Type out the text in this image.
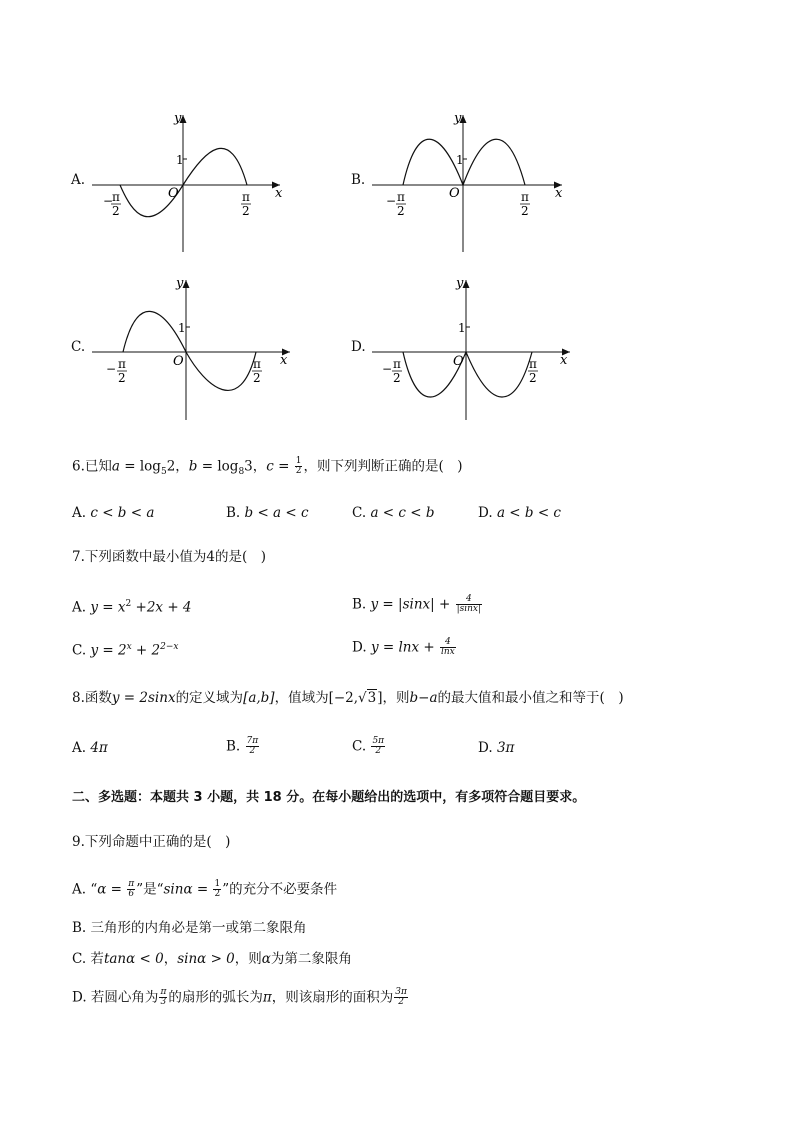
A.
y
x
O
1
−
π
2
π
2
B.
y
x
O
1
− π
2
π
2
C.
y
x
O
1
− π
2
π
2
D.
y
x
O
1
− π
2
π
2
6.已知$a = \log_52$，$b = \log_83$，$c = \frac{1}{2}$ ，则下列判断正确的是(　)
A. c < b < a	B. b < a < c	C. a < c < b	D. a < b < c
7.下列函数中最小值为4的是(　)
A. $y = x^2 +2x + 4$	B. $y = |\sin x| + \frac{4}{|\sin x|}$
C. $y = 2^x + 2^{2-x}$	D. $y = \ln x + \frac{4}{\ln x}$
8.函数y = 2sinx的定义域为[a,b]，值域为[−2,√3]，则b−a的最大值和最小值之和等于(　)
A. 4π	B. $\frac{7\pi}{2}$	C. $\frac{5\pi}{2}$	D. 3π
二、多选题：本题共 3 小题，共 18 分。在每小题给出的选项中，有多项符合题目要求。
9.下列命题中正确的是(　)
A. “$\alpha = \frac{\pi}{6}$ ”是“$\sin\alpha = \frac{1}{2}$ ”的充分不必要条件
B. 三角形的内角必是第一或第二象限角
C. 若tanα < 0，sinα > 0，则α为第二象限角
D. 若圆心角为 $\frac{\pi}{3}$ 的扇形的弧长为π，则该扇形的面积为 $\frac{3\pi}{2}$
